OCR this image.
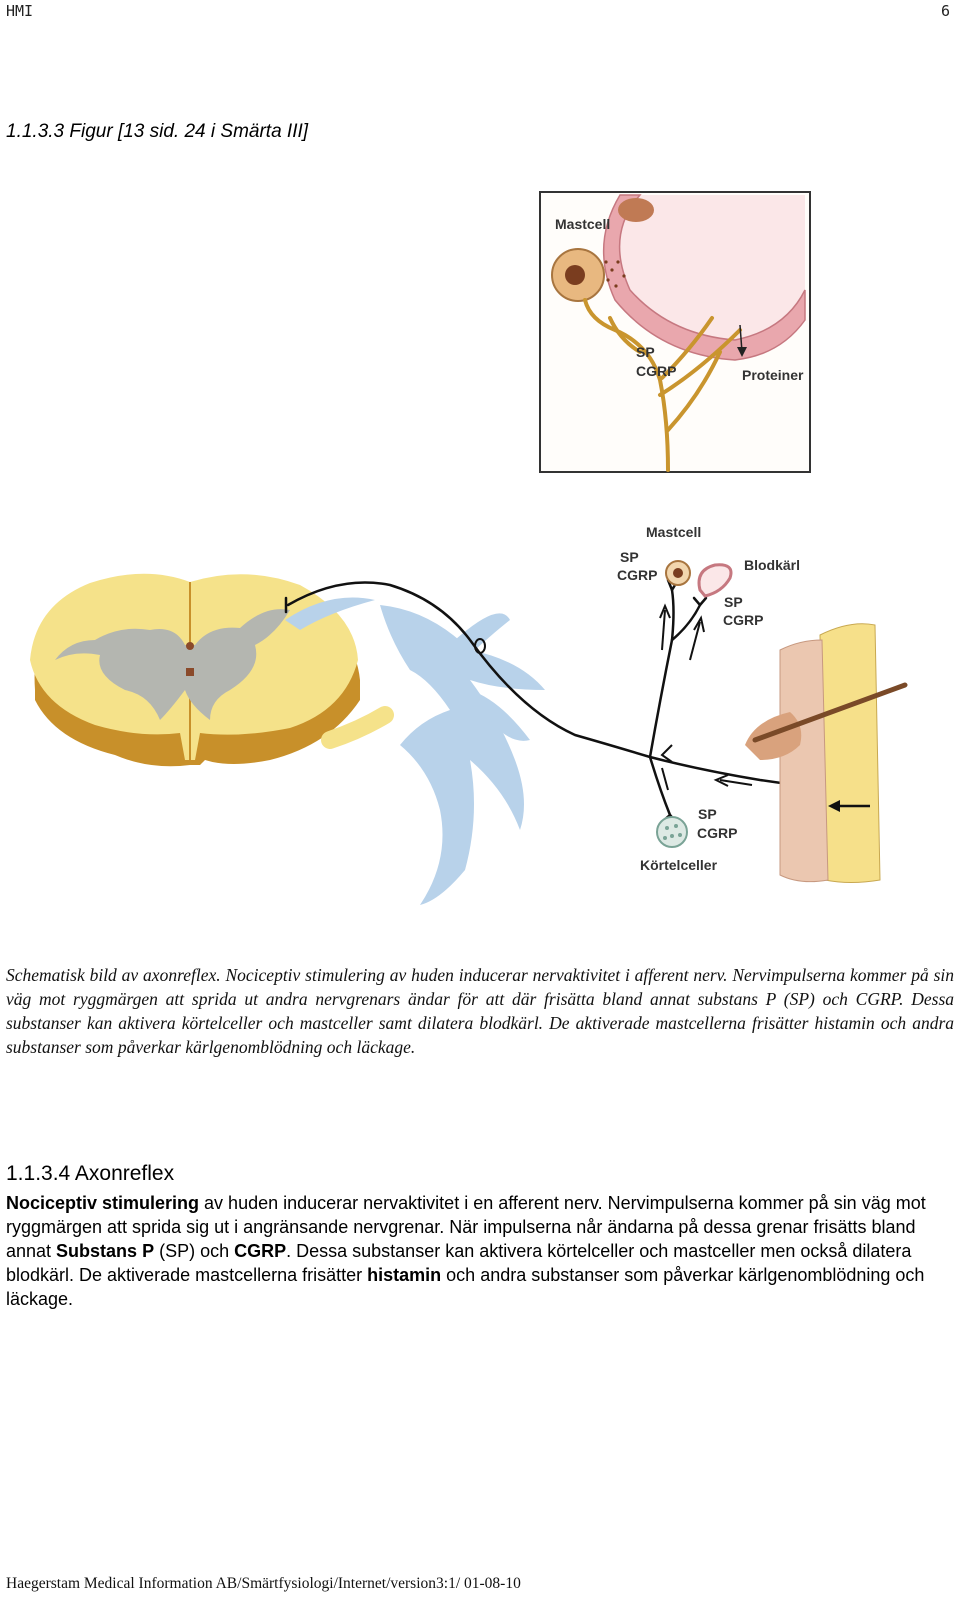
HMI	6
1.1.3.3 Figur [13 sid. 24 i Smärta III]
Mastcell
SP
CGRP	Proteiner
Mastcell
SP
CGRP
Blodkärl
SP
CGRP
SP
CGRP
Körtelceller
Schematisk bild av axonreflex. Nociceptiv stimulering av huden inducerar nervaktivitet i afferent nerv. Nervimpulserna kommer på sin väg mot ryggmärgen att sprida ut andra nervgrenars ändar för att där frisätta bland annat substans P (SP) och CGRP. Dessa substanser kan aktivera körtelceller och mastceller samt dilatera blodkärl. De aktiverade mastcellerna frisätter histamin och andra substanser som påverkar kärlgenomblödning och läckage.
1.1.3.4 Axonreflex
Nociceptiv stimulering av huden inducerar nervaktivitet i en afferent nerv. Nervimpulserna kommer på sin väg mot ryggmärgen att sprida sig ut i angränsande nervgrenar. När impulserna når ändarna på dessa grenar frisätts bland annat Substans P (SP) och CGRP. Dessa substanser kan aktivera körtelceller och mastceller men också dilatera blodkärl. De aktiverade mastcellerna frisätter histamin och andra substanser som påverkar kärlgenomblödning och läckage.
Haegerstam Medical Information AB/Smärtfysiologi/Internet/version3:1/ 01-08-10
